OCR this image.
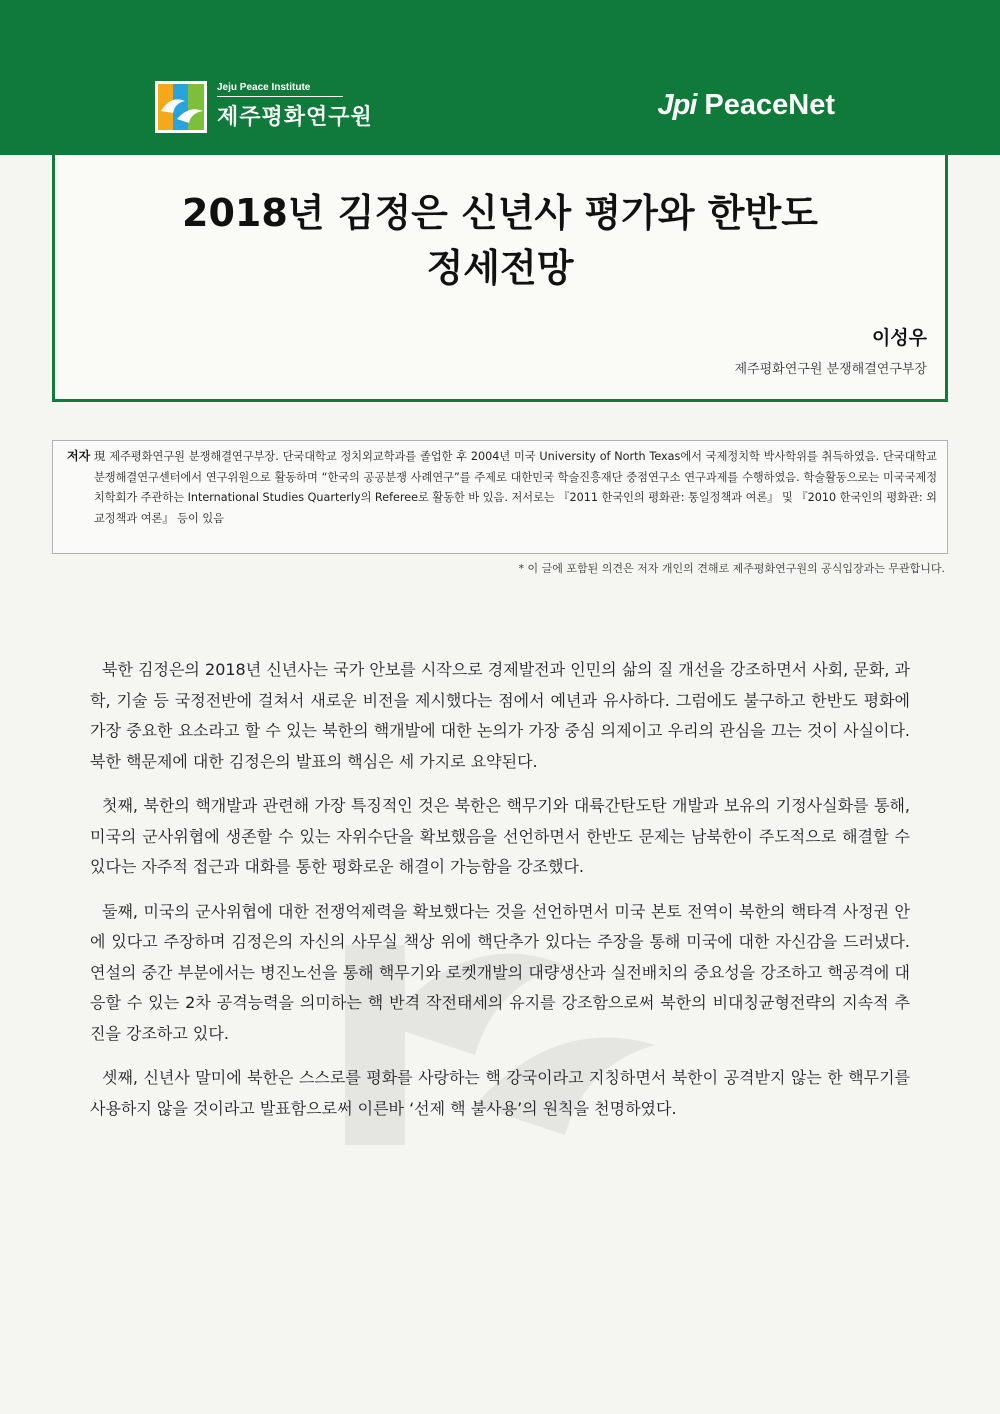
Jeju Peace Institute
제주평화연구원	Jpi PeaceNet
2018년 김정은 신년사 평가와 한반도
정세전망
이성우
제주평화연구원 분쟁해결연구부장
저자 現 제주평화연구원 분쟁해결연구부장. 단국대학교 정치외교학과를 졸업한 후 2004년 미국 University of North Texas에서 국제정치학 박사학위를 취득하였음. 단국대학교 분쟁해결연구센터에서 연구위원으로 활동하며 “한국의 공공분쟁 사례연구”를 주제로 대한민국 학술진흥재단 중점연구소 연구과제를 수행하였음. 학술활동으로는 미국국제정치학회가 주관하는 International Studies Quarterly의 Referee로 활동한 바 있음. 저서로는 『2011 한국인의 평화관: 통일정책과 여론』 및 『2010 한국인의 평화관: 외교정책과 여론』 등이 있음
* 이 글에 포함된 의견은 저자 개인의 견해로 제주평화연구원의 공식입장과는 무관합니다.

북한 김정은의 2018년 신년사는 국가 안보를 시작으로 경제발전과 인민의 삶의 질 개선을 강조하면서 사회, 문화, 과학, 기술 등 국정전반에 걸쳐서 새로운 비전을 제시했다는 점에서 예년과 유사하다. 그럼에도 불구하고 한반도 평화에 가장 중요한 요소라고 할 수 있는 북한의 핵개발에 대한 논의가 가장 중심 의제이고 우리의 관심을 끄는 것이 사실이다. 북한 핵문제에 대한 김정은의 발표의 핵심은 세 가지로 요약된다.

첫째, 북한의 핵개발과 관련해 가장 특징적인 것은 북한은 핵무기와 대륙간탄도탄 개발과 보유의 기정사실화를 통해, 미국의 군사위협에 생존할 수 있는 자위수단을 확보했음을 선언하면서 한반도 문제는 남북한이 주도적으로 해결할 수 있다는 자주적 접근과 대화를 통한 평화로운 해결이 가능함을 강조했다.

둘째, 미국의 군사위협에 대한 전쟁억제력을 확보했다는 것을 선언하면서 미국 본토 전역이 북한의 핵타격 사정권 안에 있다고 주장하며 김정은의 자신의 사무실 책상 위에 핵단추가 있다는 주장을 통해 미국에 대한 자신감을 드러냈다. 연설의 중간 부분에서는 병진노선을 통해 핵무기와 로켓개발의 대량생산과 실전배치의 중요성을 강조하고 핵공격에 대응할 수 있는 2차 공격능력을 의미하는 핵 반격 작전태세의 유지를 강조함으로써 북한의 비대칭균형전략의 지속적 추진을 강조하고 있다.

셋째, 신년사 말미에 북한은 스스로를 평화를 사랑하는 핵 강국이라고 지칭하면서 북한이 공격받지 않는 한 핵무기를 사용하지 않을 것이라고 발표함으로써 이른바 ‘선제 핵 불사용’의 원칙을 천명하였다.
